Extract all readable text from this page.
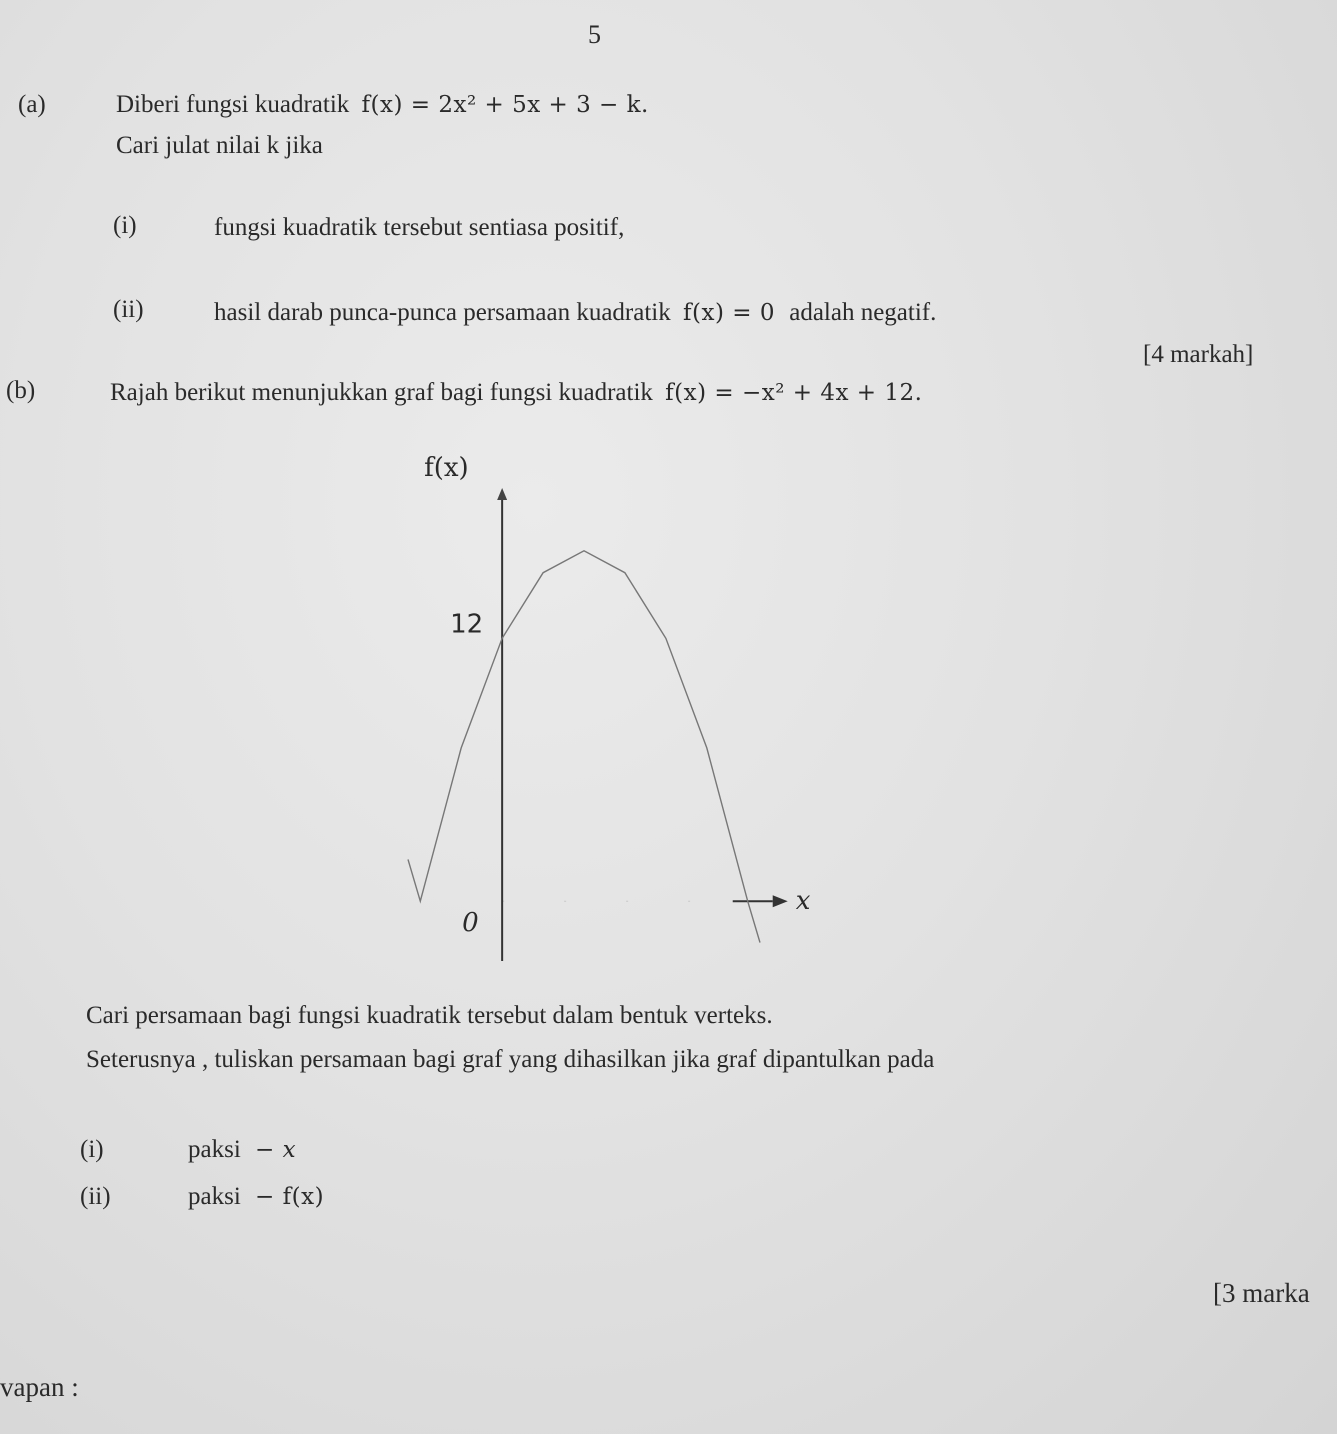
5
(a)	Diberi fungsi kuadratik f(x) = 2x² + 5x + 3 − k.
Cari julat nilai k jika
(i)	fungsi kuadratik tersebut sentiasa positif,
(ii)	hasil darab punca-punca persamaan kuadratik f(x) = 0 adalah negatif.
[4 markah]
(b)	Rajah berikut menunjukkan graf bagi fungsi kuadratik f(x) = −x² + 4x + 12.
f(x)
x
12
0
Cari persamaan bagi fungsi kuadratik tersebut dalam bentuk verteks.
Seterusnya , tuliskan persamaan bagi graf yang dihasilkan jika graf dipantulkan pada
(i)	paksi − x
(ii)	paksi − f(x)
[3 marka
vapan :
